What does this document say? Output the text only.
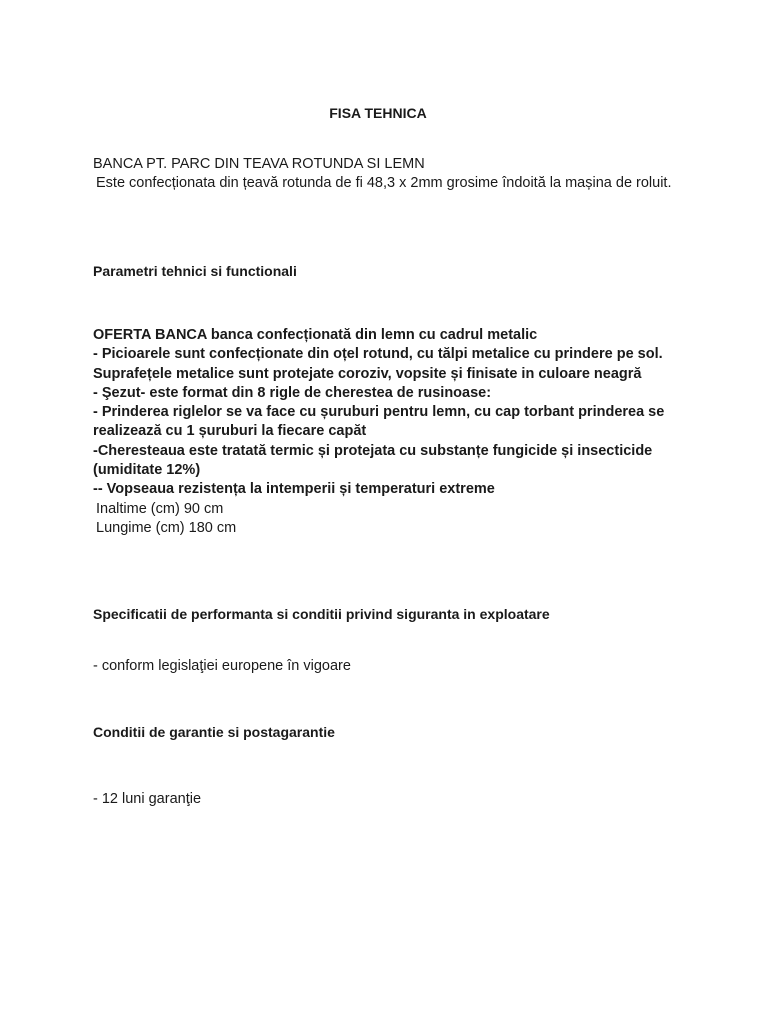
FISA TEHNICA
BANCA PT. PARC DIN TEAVA ROTUNDA SI LEMN
Este confecționata din țeavă rotunda de fi 48,3 x 2mm grosime îndoită la mașina de roluit.
Parametri tehnici si functionali
OFERTA BANCA banca confecționată din lemn cu cadrul metalic
- Picioarele sunt confecționate din oțel rotund, cu tălpi metalice cu prindere pe sol. Suprafețele metalice sunt protejate coroziv, vopsite și finisate in culoare neagră
- Şezut- este format din 8 rigle de cherestea de rusinoase:
- Prinderea riglelor se va face cu șuruburi pentru lemn, cu cap torbant prinderea se realizează cu 1 șuruburi la fiecare capăt
-Cheresteaua este tratată termic și protejata cu substanțe fungicide și insecticide (umiditate 12%)
-- Vopseaua rezistența la intemperii și temperaturi extreme
Inaltime (cm) 90 cm
Lungime (cm) 180 cm
Specificatii de performanta si conditii privind siguranta in exploatare
- conform legislaţiei europene în vigoare
Conditii de garantie si postagarantie
- 12 luni garanţie
